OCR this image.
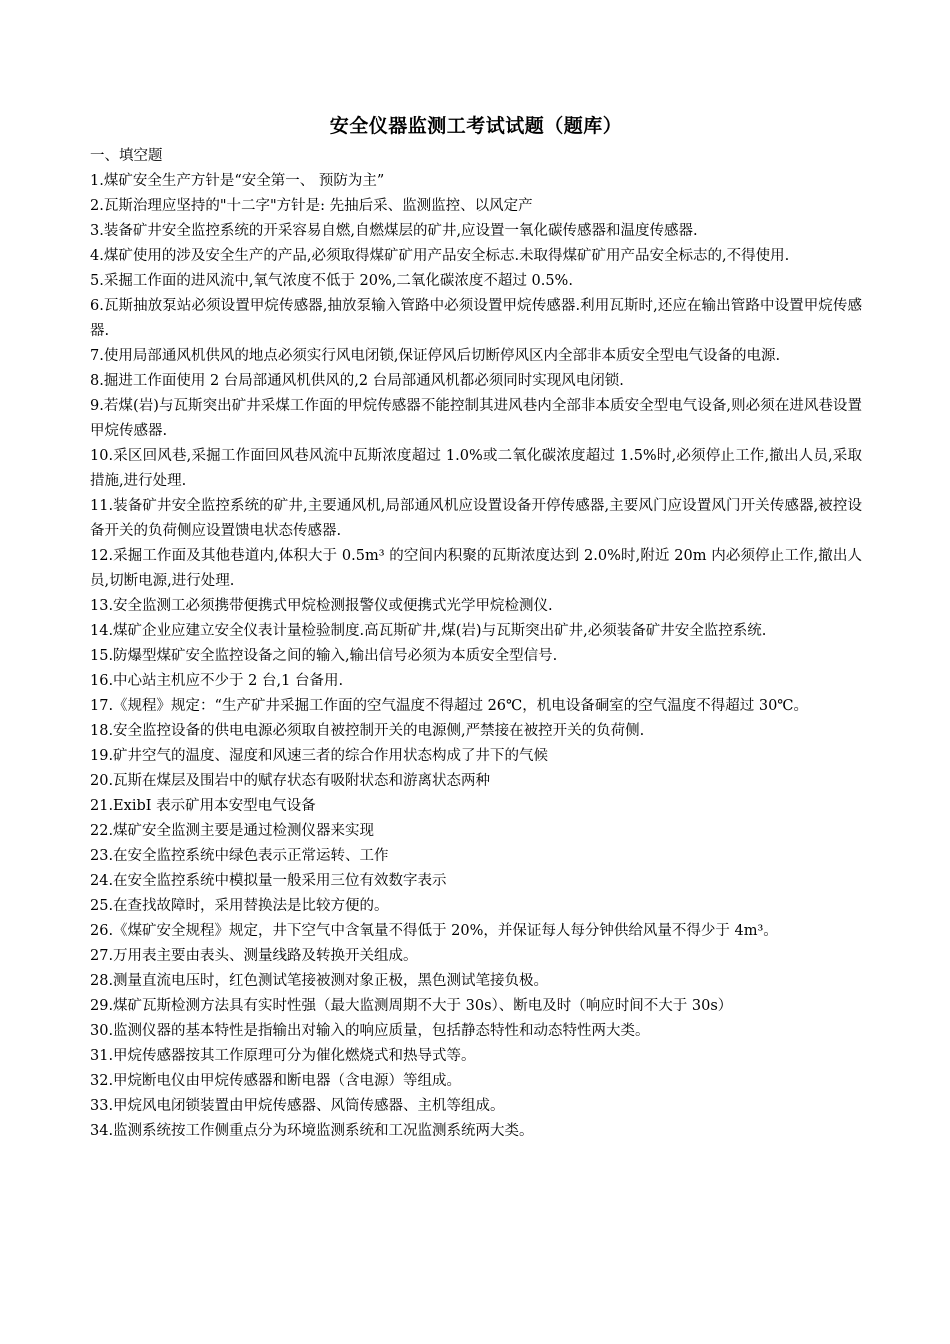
安全仪器监测工考试试题（题库）

一、填空题

1.煤矿安全生产方针是“安全第一、 预防为主”
2.瓦斯治理应坚持的"十二字"方针是: 先抽后采、监测监控、以风定产
3.装备矿井安全监控系统的开采容易自燃,自燃煤层的矿井,应设置一氧化碳传感器和温度传感器.
4.煤矿使用的涉及安全生产的产品,必须取得煤矿矿用产品安全标志.未取得煤矿矿用产品安全标志的,不得使用.
5.采掘工作面的进风流中,氧气浓度不低于 20%,二氧化碳浓度不超过 0.5%.
6.瓦斯抽放泵站必须设置甲烷传感器,抽放泵输入管路中必须设置甲烷传感器.利用瓦斯时,还应在输出管路中设置甲烷传感器.
7.使用局部通风机供风的地点必须实行风电闭锁,保证停风后切断停风区内全部非本质安全型电气设备的电源.
8.掘进工作面使用 2 台局部通风机供风的,2 台局部通风机都必须同时实现风电闭锁.
9.若煤(岩)与瓦斯突出矿井采煤工作面的甲烷传感器不能控制其进风巷内全部非本质安全型电气设备,则必须在进风巷设置甲烷传感器.
10.采区回风巷,采掘工作面回风巷风流中瓦斯浓度超过 1.0%或二氧化碳浓度超过 1.5%时,必须停止工作,撤出人员,采取措施,进行处理.
11.装备矿井安全监控系统的矿井,主要通风机,局部通风机应设置设备开停传感器,主要风门应设置风门开关传感器,被控设备开关的负荷侧应设置馈电状态传感器.
12.采掘工作面及其他巷道内,体积大于 0.5m³ 的空间内积聚的瓦斯浓度达到 2.0%时,附近 20m 内必须停止工作,撤出人员,切断电源,进行处理.
13.安全监测工必须携带便携式甲烷检测报警仪或便携式光学甲烷检测仪.
14.煤矿企业应建立安全仪表计量检验制度.高瓦斯矿井,煤(岩)与瓦斯突出矿井,必须装备矿井安全监控系统.
15.防爆型煤矿安全监控设备之间的输入,输出信号必须为本质安全型信号.
16.中心站主机应不少于 2 台,1 台备用.
17.《规程》规定：“生产矿井采掘工作面的空气温度不得超过 26℃，机电设备硐室的空气温度不得超过 30℃。
18.安全监控设备的供电电源必须取自被控制开关的电源侧,严禁接在被控开关的负荷侧.
19.矿井空气的温度、湿度和风速三者的综合作用状态构成了井下的气候
20.瓦斯在煤层及围岩中的赋存状态有吸附状态和游离状态两种
21.ExibI 表示矿用本安型电气设备
22.煤矿安全监测主要是通过检测仪器来实现
23.在安全监控系统中绿色表示正常运转、工作
24.在安全监控系统中模拟量一般采用三位有效数字表示
25.在查找故障时，采用替换法是比较方便的。
26.《煤矿安全规程》规定，井下空气中含氧量不得低于 20%，并保证每人每分钟供给风量不得少于 4m³。
27.万用表主要由表头、测量线路及转换开关组成。
28.测量直流电压时，红色测试笔接被测对象正极，黑色测试笔接负极。
29.煤矿瓦斯检测方法具有实时性强（最大监测周期不大于 30s）、断电及时（响应时间不大于 30s）
30.监测仪器的基本特性是指输出对输入的响应质量，包括静态特性和动态特性两大类。
31.甲烷传感器按其工作原理可分为催化燃烧式和热导式等。
32.甲烷断电仪由甲烷传感器和断电器（含电源）等组成。
33.甲烷风电闭锁装置由甲烷传感器、风筒传感器、主机等组成。
34.监测系统按工作侧重点分为环境监测系统和工况监测系统两大类。
